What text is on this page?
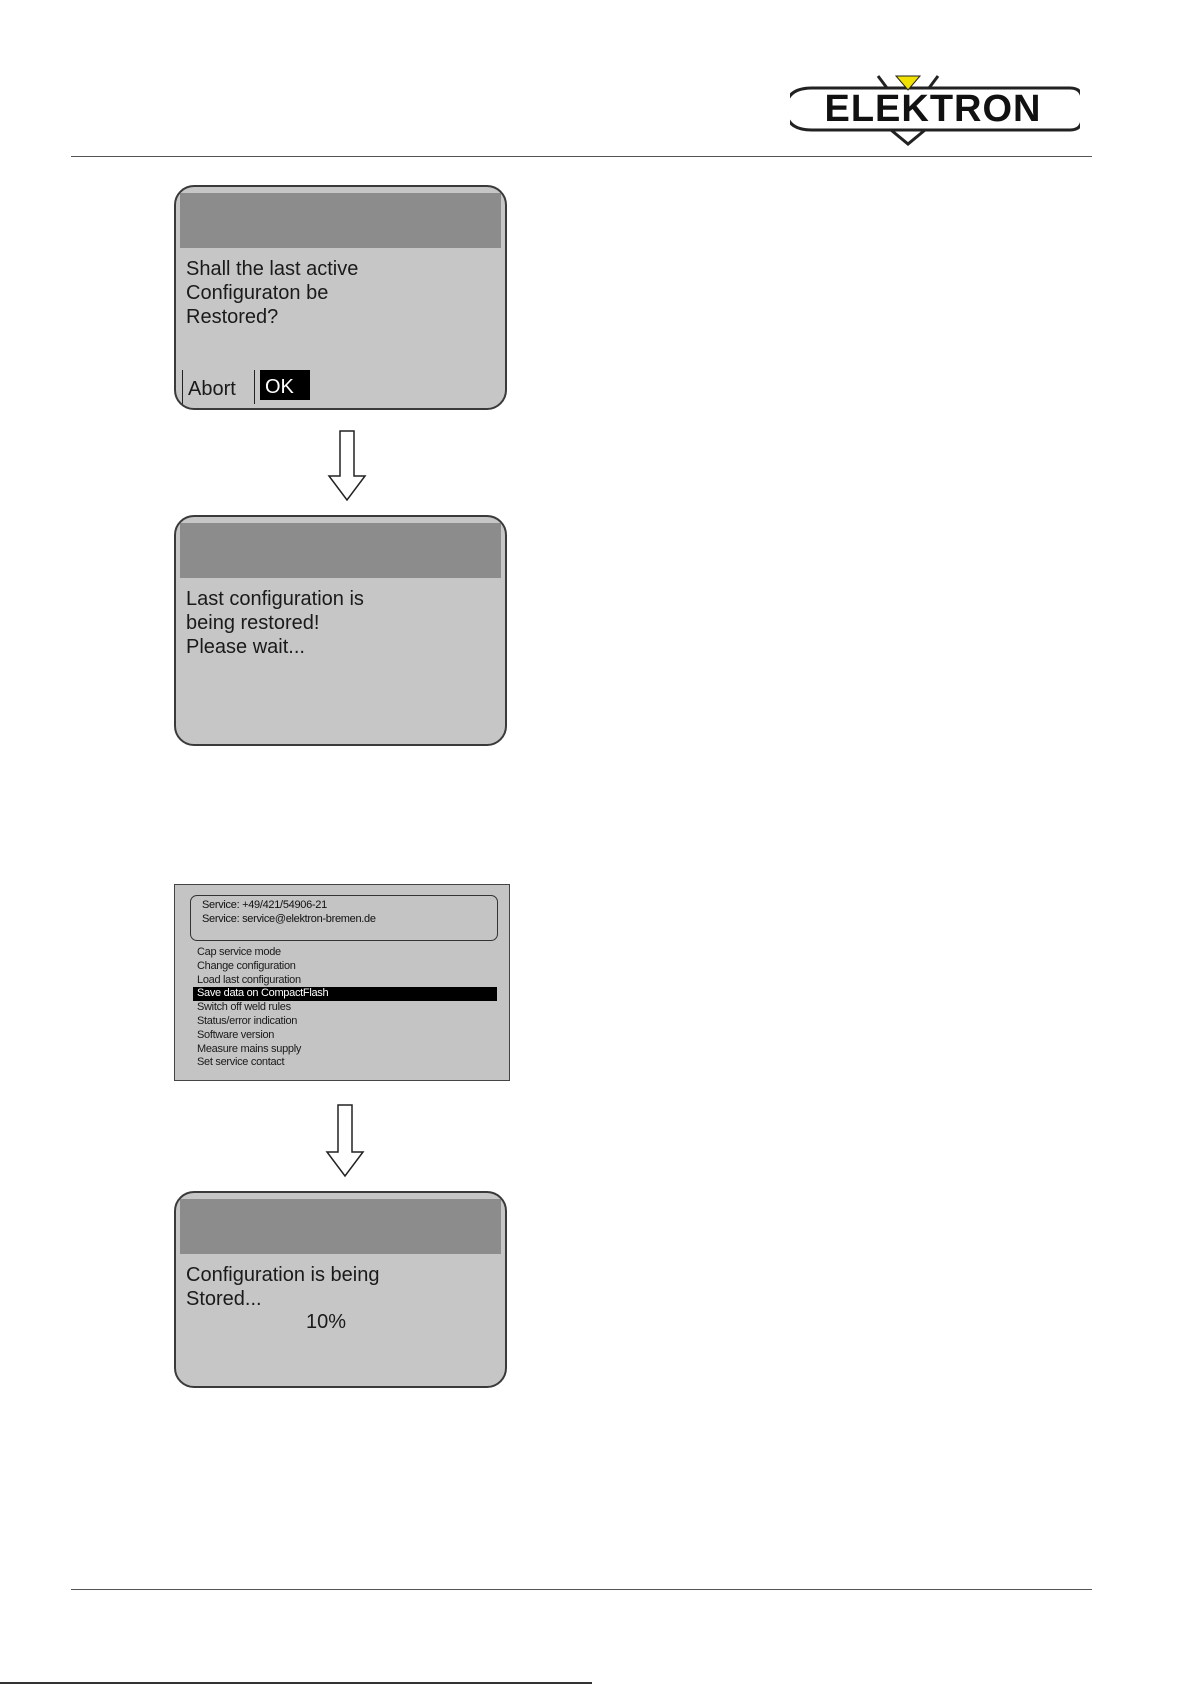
ELEKTRON
Shall the last active
Configuraton be
Restored?
Abort OK
Last configuration is
being restored!
Please wait...
Service: +49/421/54906-21
Service: service@elektron-bremen.de
Cap service mode
Change configuration
Load last configuration
Save data on CompactFlash
Switch off weld rules
Status/error indication
Software version
Measure mains supply
Set service contact
Configuration is being
Stored...
10%
